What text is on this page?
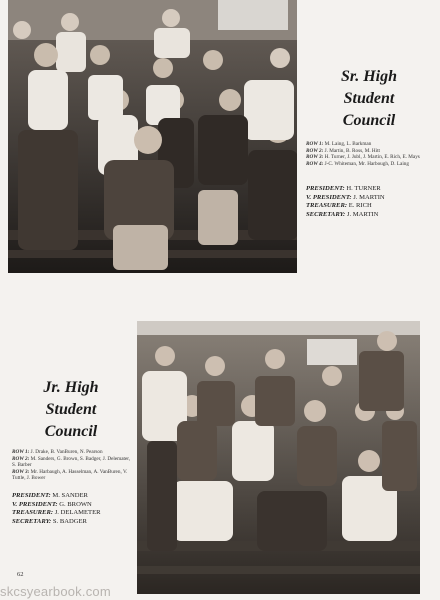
Sr. High
Student
Council
ROW 1: M. Laing, L. Barkman
ROW 2: J. Martin, B. Ross, M. Hitt
ROW 3: H. Turner, J. Jubl, J. Martin, E. Rich, E. Mays
ROW 4: J-C. Whiteman, Mr. Harbough, D. Laing
PRESIDENT: H. TURNER
V. PRESIDENT: J. MARTIN
TREASURER: E. RICH
SECRETARY: J. MARTIN
Jr. High
Student
Council
ROW 1: J. Drake, B. VanBuren, N. Pearson
ROW 2: M. Sanders, G. Brown, S. Badger, J. Delemater, S. Barber
ROW 3: Mr. Harbaugh, A. Hasselman, A. VanBuren, V. Tuttle, J. Bower
PRESIDENT: M. SANDER
V. PRESIDENT: G. BROWN
TREASURER: J. DELAMETER
SECRETARY: S. BADGER
62
skcsyearbook.com
